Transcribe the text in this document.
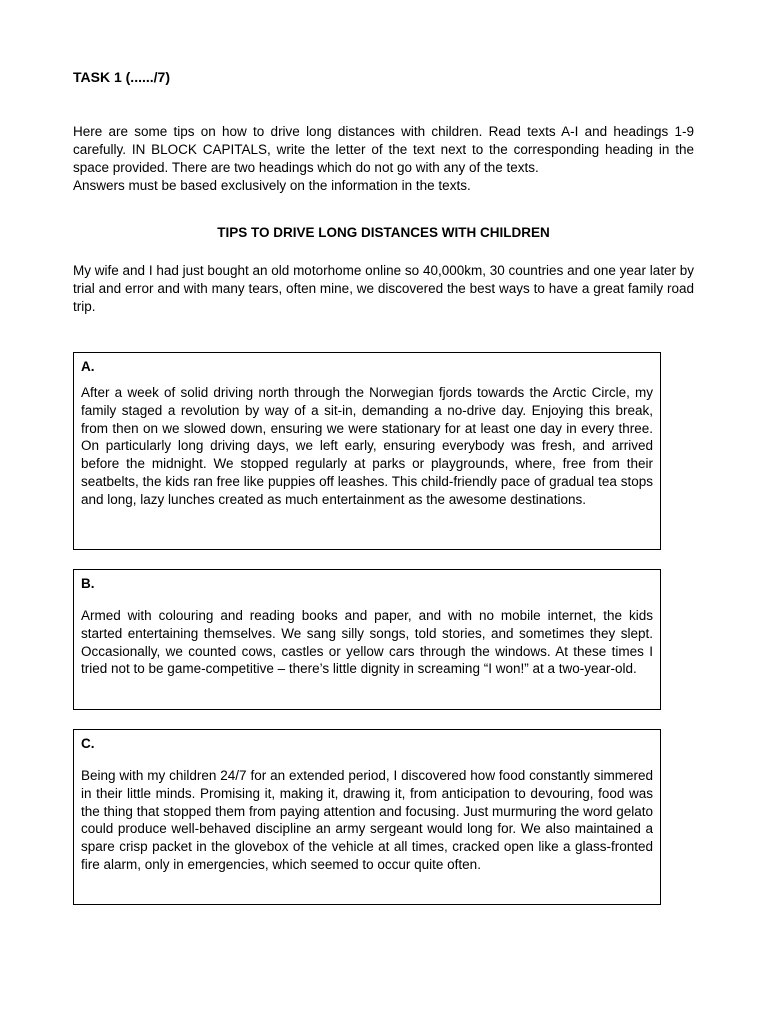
TASK 1 (....../7)

Here are some tips on how to drive long distances with children. Read texts A-I and headings 1-9 carefully. IN BLOCK CAPITALS, write the letter of the text next to the corresponding heading in the space provided. There are two headings which do not go with any of the texts.

Answers must be based exclusively on the information in the texts.

TIPS TO DRIVE LONG DISTANCES WITH CHILDREN

My wife and I had just bought an old motorhome online so 40,000km, 30 countries and one year later by trial and error and with many tears, often mine, we discovered the best ways to have a great family road trip.

A.

After a week of solid driving north through the Norwegian fjords towards the Arctic Circle, my family staged a revolution by way of a sit-in, demanding a no-drive day. Enjoying this break, from then on we slowed down, ensuring we were stationary for at least one day in every three. On particularly long driving days, we left early, ensuring everybody was fresh, and arrived before the midnight. We stopped regularly at parks or playgrounds, where, free from their seatbelts, the kids ran free like puppies off leashes. This child-friendly pace of gradual tea stops and long, lazy lunches created as much entertainment as the awesome destinations.

B.

Armed with colouring and reading books and paper, and with no mobile internet, the kids started entertaining themselves. We sang silly songs, told stories, and sometimes they slept. Occasionally, we counted cows, castles or yellow cars through the windows. At these times I tried not to be game-competitive – there’s little dignity in screaming “I won!” at a two-year-old.

C.

Being with my children 24/7 for an extended period, I discovered how food constantly simmered in their little minds. Promising it, making it, drawing it, from anticipation to devouring, food was the thing that stopped them from paying attention and focusing. Just murmuring the word gelato could produce well-behaved discipline an army sergeant would long for. We also maintained a spare crisp packet in the glovebox of the vehicle at all times, cracked open like a glass-fronted fire alarm, only in emergencies, which seemed to occur quite often.
